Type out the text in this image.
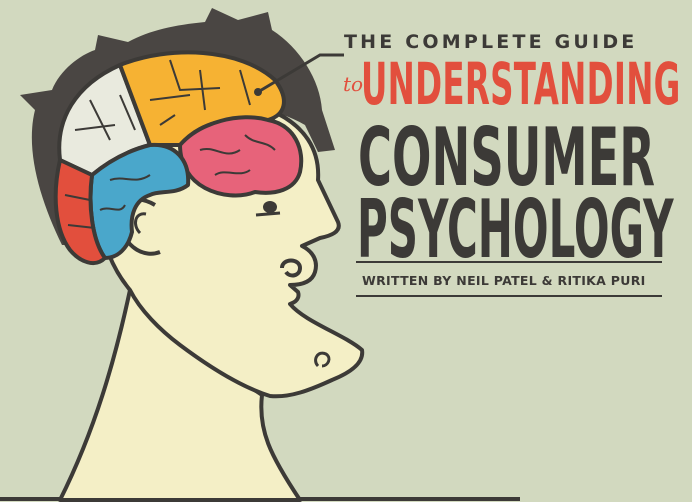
THE COMPLETE GUIDE
to
UNDERSTANDING
CONSUMER
PSYCHOLOGY
WRITTEN BY NEIL PATEL & RITIKA PURI
